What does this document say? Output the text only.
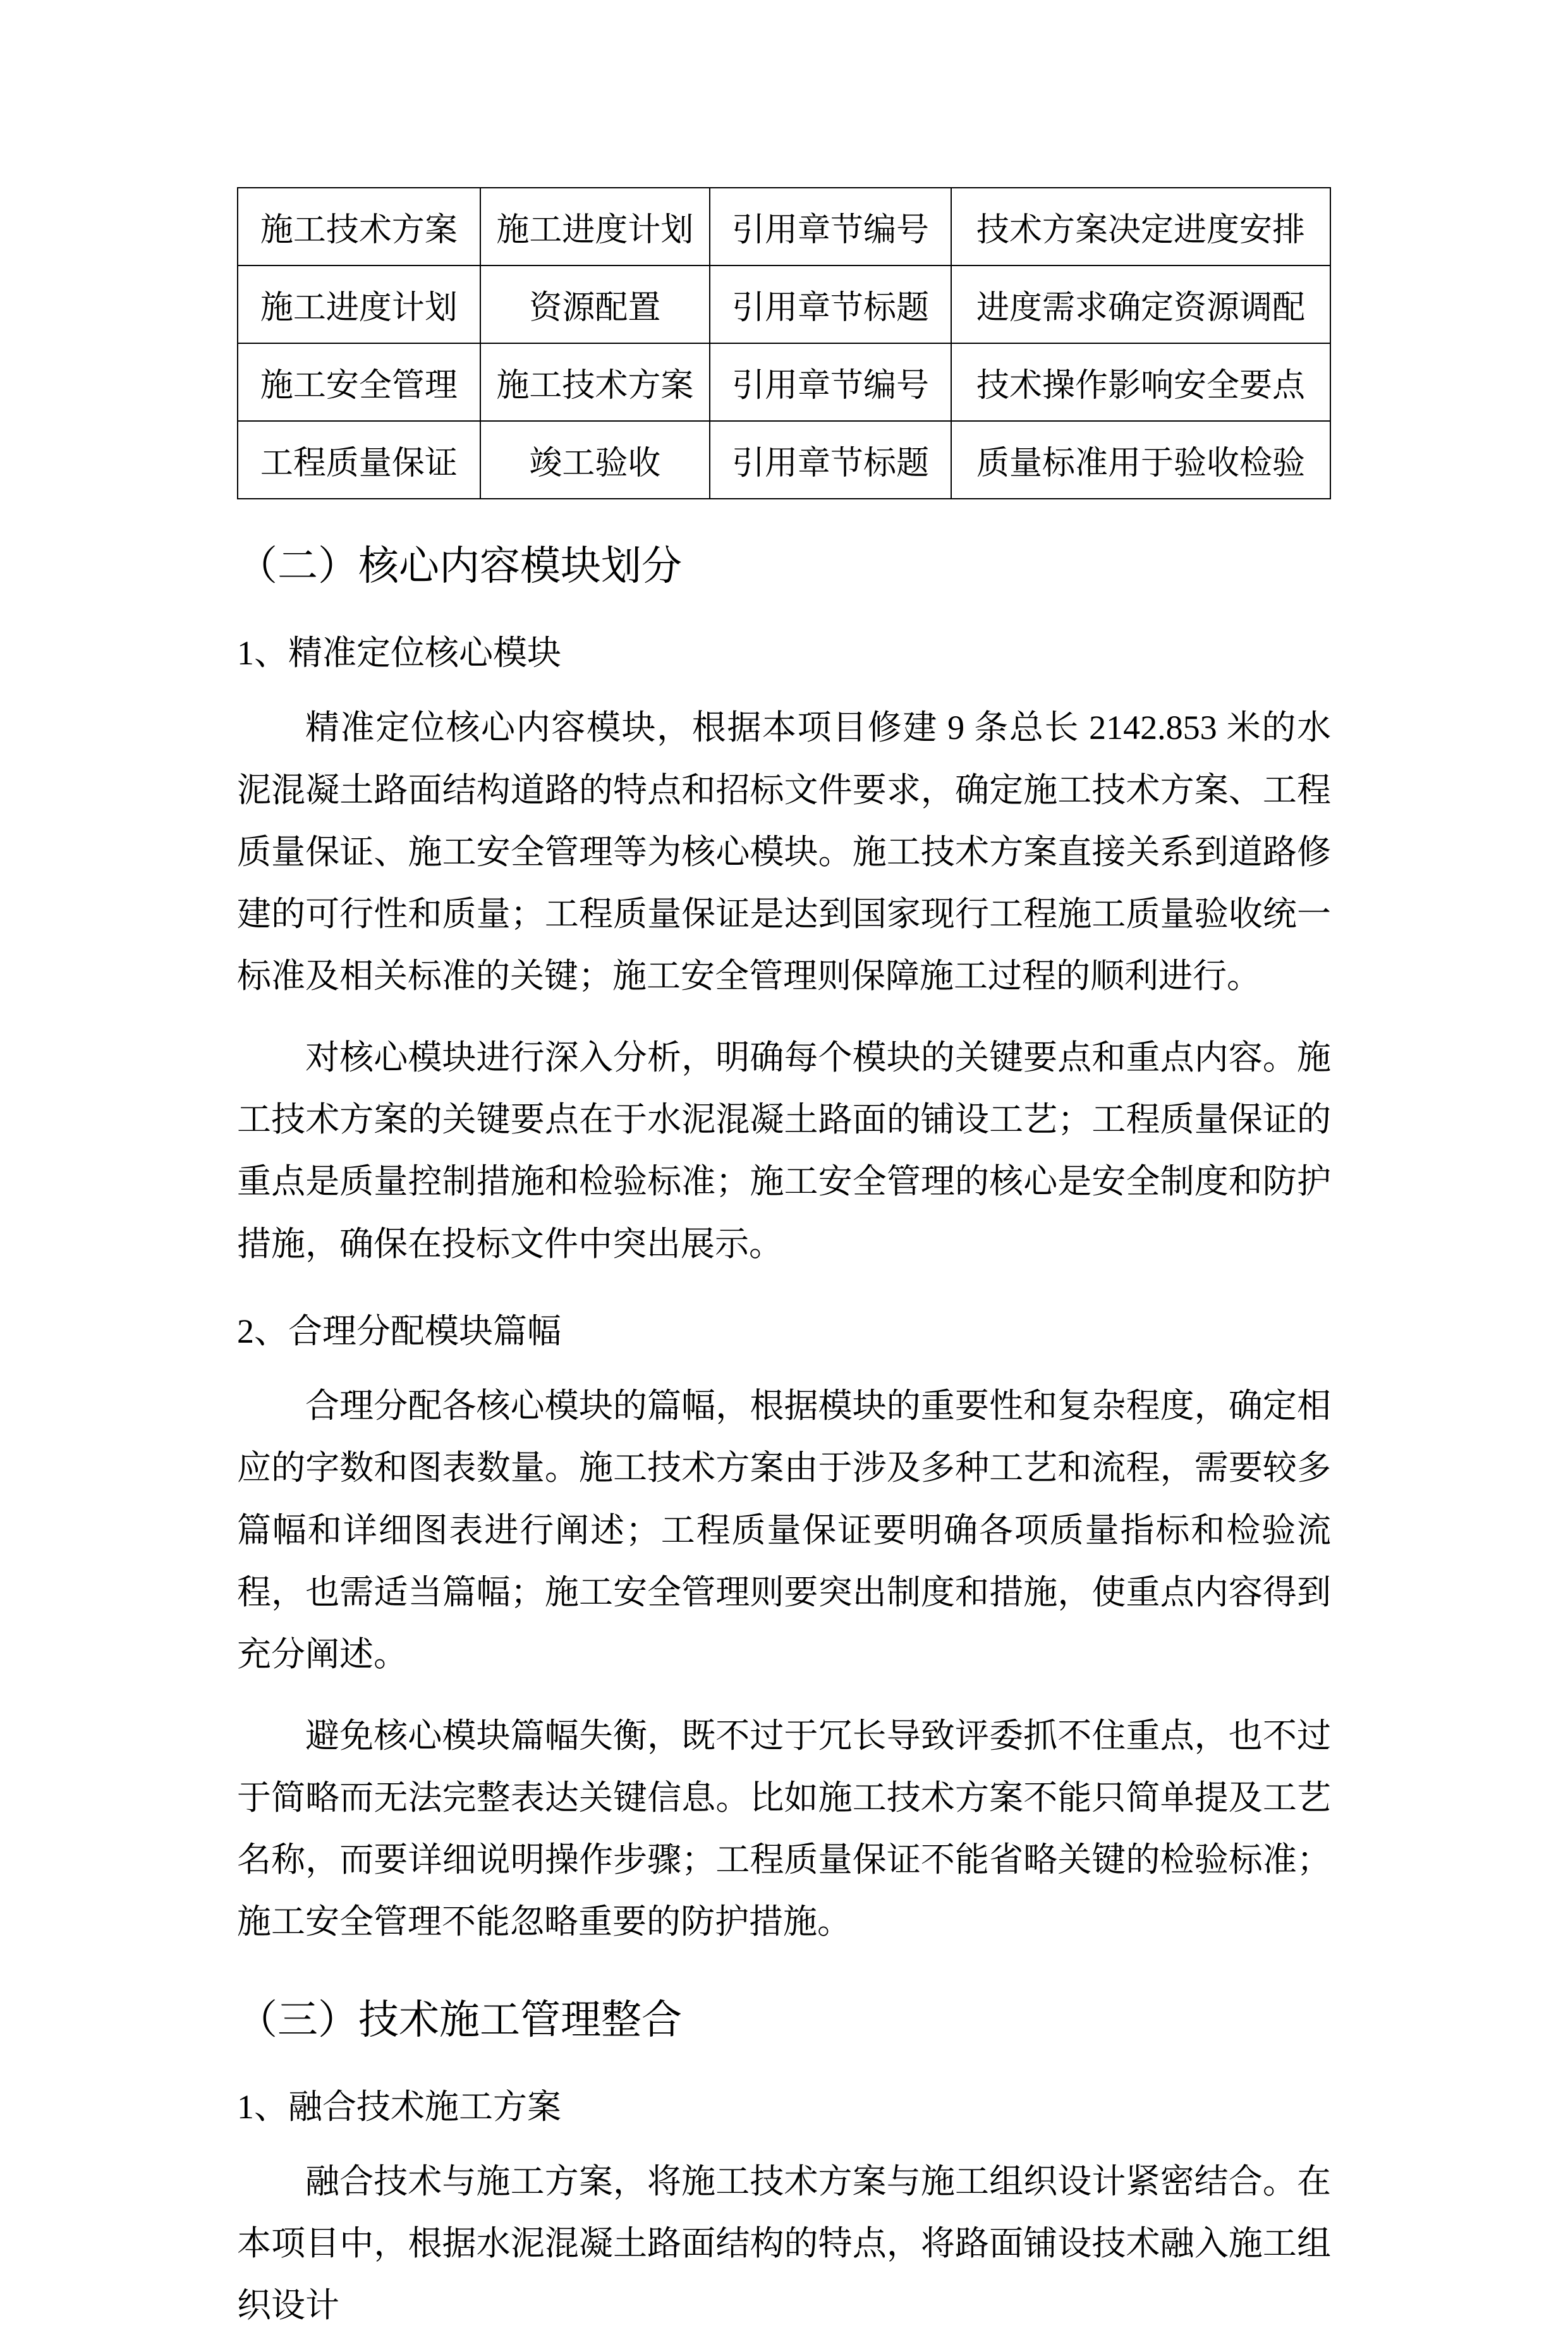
施工技术方案	施工进度计划	引用章节编号	技术方案决定进度安排
施工进度计划	资源配置	引用章节标题	进度需求确定资源调配
施工安全管理	施工技术方案	引用章节编号	技术操作影响安全要点
工程质量保证	竣工验收	引用章节标题	质量标准用于验收检验
（二）核心内容模块划分
1、精准定位核心模块

精准定位核心内容模块，根据本项目修建 9 条总长 2142.853 米的水泥混凝土路面结构道路的特点和招标文件要求，确定施工技术方案、工程质量保证、施工安全管理等为核心模块。施工技术方案直接关系到道路修建的可行性和质量；工程质量保证是达到国家现行工程施工质量验收统一标准及相关标准的关键；施工安全管理则保障施工过程的顺利进行。

对核心模块进行深入分析，明确每个模块的关键要点和重点内容。施工技术方案的关键要点在于水泥混凝土路面的铺设工艺；工程质量保证的重点是质量控制措施和检验标准；施工安全管理的核心是安全制度和防护措施，确保在投标文件中突出展示。

2、合理分配模块篇幅

合理分配各核心模块的篇幅，根据模块的重要性和复杂程度，确定相应的字数和图表数量。施工技术方案由于涉及多种工艺和流程，需要较多篇幅和详细图表进行阐述；工程质量保证要明确各项质量指标和检验流程，也需适当篇幅；施工安全管理则要突出制度和措施，使重点内容得到充分阐述。

避免核心模块篇幅失衡，既不过于冗长导致评委抓不住重点，也不过于简略而无法完整表达关键信息。比如施工技术方案不能只简单提及工艺名称，而要详细说明操作步骤；工程质量保证不能省略关键的检验标准；施工安全管理不能忽略重要的防护措施。

（三）技术施工管理整合
1、融合技术施工方案

融合技术与施工方案，将施工技术方案与施工组织设计紧密结合。在本项目中，根据水泥混凝土路面结构的特点，将路面铺设技术融入施工组织设计
